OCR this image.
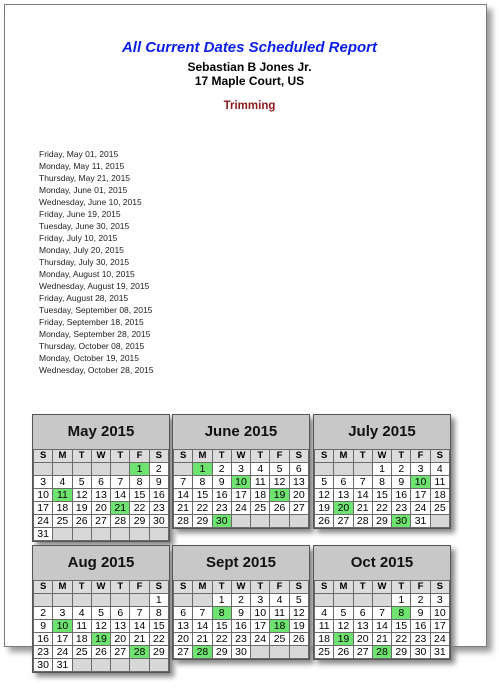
All Current Dates Scheduled Report
Sebastian B Jones Jr.
17 Maple Court, US
Trimming
Friday, May 01, 2015
Monday, May 11, 2015
Thursday, May 21, 2015
Monday, June 01, 2015
Wednesday, June 10, 2015
Friday, June 19, 2015
Tuesday, June 30, 2015
Friday, July 10, 2015
Monday, July 20, 2015
Thursday, July 30, 2015
Monday, August 10, 2015
Wednesday, August 19, 2015
Friday, August 28, 2015
Tuesday, September 08, 2015
Friday, September 18, 2015
Monday, September 28, 2015
Thursday, October 08, 2015
Monday, October 19, 2015
Wednesday, October 28, 2015
May 2015
S	M	T	W	T	F	S
					1	2
3	4	5	6	7	8	9
10	11	12	13	14	15	16
17	18	19	20	21	22	23
24	25	26	27	28	29	30
31						
June 2015
S	M	T	W	T	F	S
	1	2	3	4	5	6
7	8	9	10	11	12	13
14	15	16	17	18	19	20
21	22	23	24	25	26	27
28	29	30				
July 2015
S	M	T	W	T	F	S
			1	2	3	4
5	6	7	8	9	10	11
12	13	14	15	16	17	18
19	20	21	22	23	24	25
26	27	28	29	30	31	
Aug 2015
S	M	T	W	T	F	S
						1
2	3	4	5	6	7	8
9	10	11	12	13	14	15
16	17	18	19	20	21	22
23	24	25	26	27	28	29
30	31					
Sept 2015
S	M	T	W	T	F	S
		1	2	3	4	5
6	7	8	9	10	11	12
13	14	15	16	17	18	19
20	21	22	23	24	25	26
27	28	29	30			
Oct 2015
S	M	T	W	T	F	S
				1	2	3
4	5	6	7	8	9	10
11	12	13	14	15	16	17
18	19	20	21	22	23	24
25	26	27	28	29	30	31
